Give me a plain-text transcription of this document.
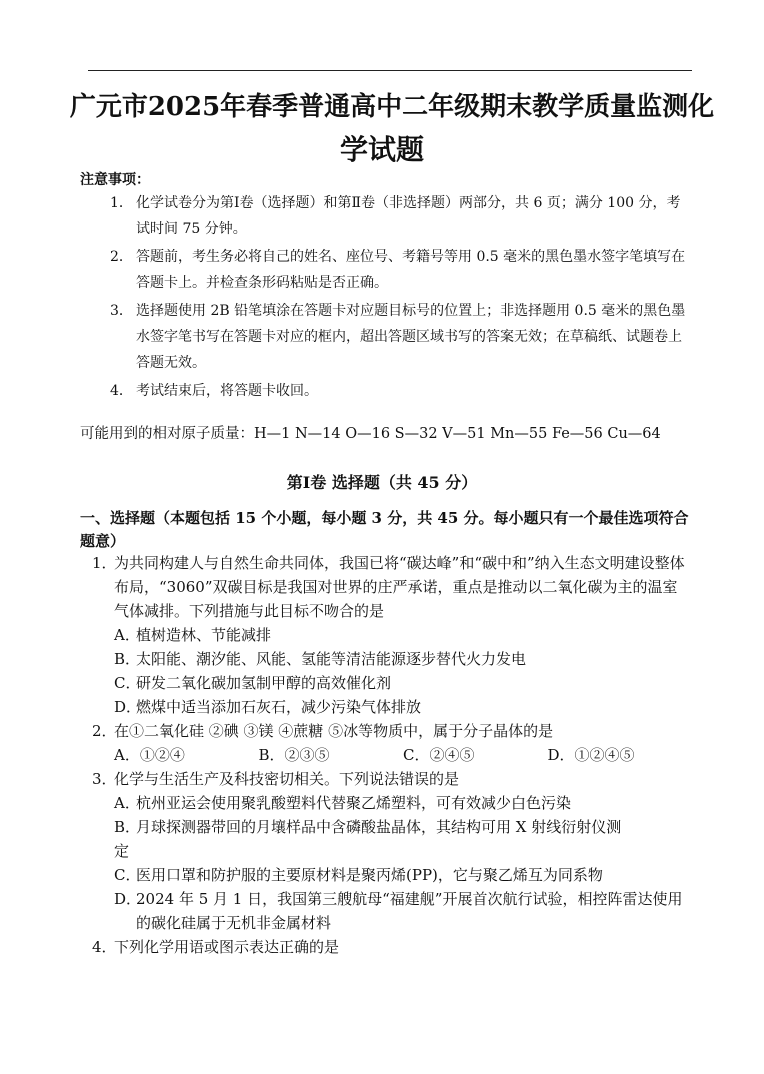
广元市2025年春季普通高中二年级期末教学质量监测化
学试题
注意事项：
1． 化学试卷分为第Ⅰ卷（选择题）和第Ⅱ卷（非选择题）两部分，共 6 页；满分 100 分，考试时间 75 分钟。
2． 答题前，考生务必将自己的姓名、座位号、考籍号等用 0.5 毫米的黑色墨水签字笔填写在答题卡上。并检查条形码粘贴是否正确。
3． 选择题使用 2B 铅笔填涂在答题卡对应题目标号的位置上；非选择题用 0.5 毫米的黑色墨水签字笔书写在答题卡对应的框内，超出答题区域书写的答案无效；在草稿纸、试题卷上答题无效。
4． 考试结束后，将答题卡收回。
可能用到的相对原子质量：H—1 N—14 O—16 S—32 V—51 Mn—55 Fe—56 Cu—64
第Ⅰ卷 选择题（共 45 分）
一、选择题（本题包括 15 个小题，每小题 3 分，共 45 分。每小题只有一个最佳选项符合题意）
1．
为共同构建人与自然生命共同体，我国已将“碳达峰”和“碳中和”纳入生态文明建设整体布局，“3060”双碳目标是我国对世界的庄严承诺，重点是推动以二氧化碳为主的温室气体减排。下列措施与此目标不吻合的是
A．
植树造林、节能减排
B．
太阳能、潮汐能、风能、氢能等清洁能源逐步替代火力发电
C．
研发二氧化碳加氢制甲醇的高效催化剂
D．
燃煤中适当添加石灰石，减少污染气体排放
2．
在①二氧化硅 ②碘 ③镁 ④蔗糖 ⑤冰等物质中，属于分子晶体的是
A．①②④	B．②③⑤	C．②④⑤	D．①②④⑤
3．
化学与生活生产及科技密切相关。下列说法错误的是
A．
杭州亚运会使用聚乳酸塑料代替聚乙烯塑料，可有效减少白色污染
B．
月球探测器带回的月壤样品中含磷酸盐晶体，其结构可用 X 射线衍射仪测
定
C．
医用口罩和防护服的主要原材料是聚丙烯(PP)，它与聚乙烯互为同系物
D．
2024 年 5 月 1 日，我国第三艘航母“福建舰”开展首次航行试验，相控阵雷达使用的碳化硅属于无机非金属材料
4．
下列化学用语或图示表达正确的是
